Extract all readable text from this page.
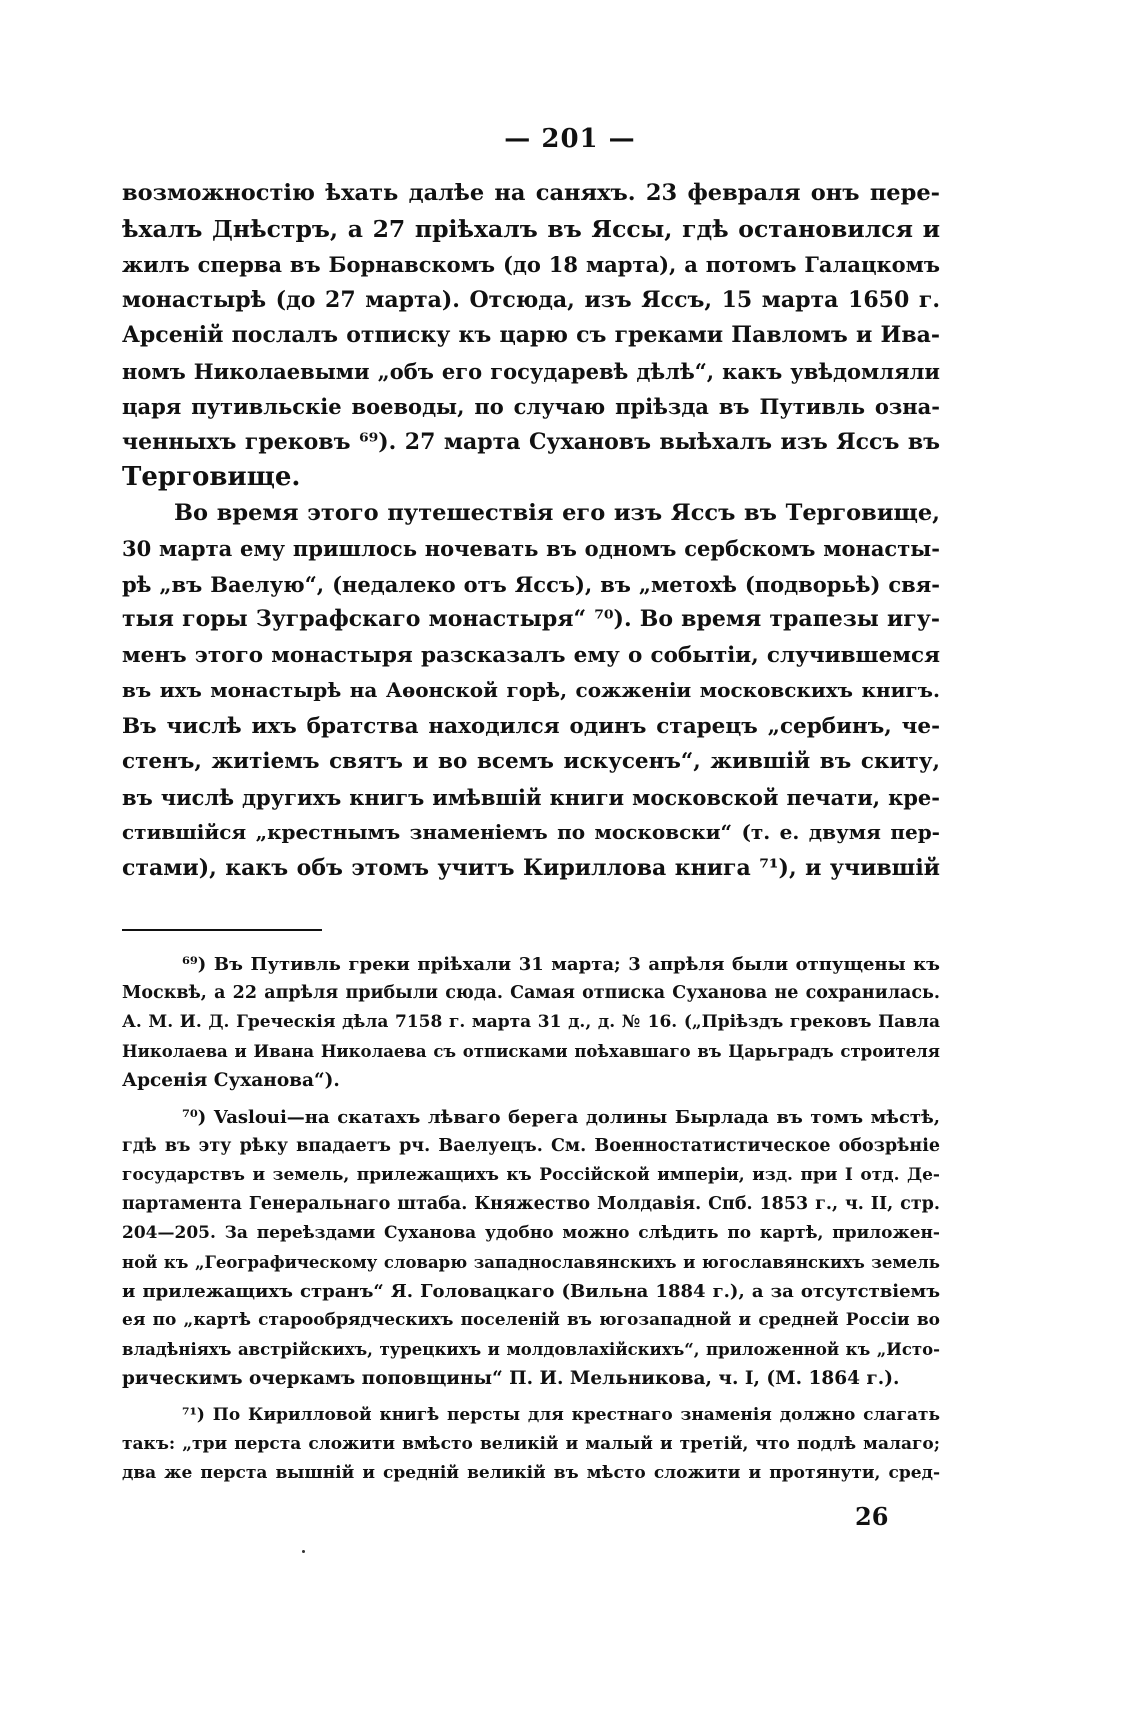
— 201 —
возможностію ѣхать далѣе на саняхъ. 23 февраля онъ пере-
ѣхалъ Днѣстръ, а 27 пріѣхалъ въ Яссы, гдѣ остановился и
жилъ сперва въ Борнавскомъ (до 18 марта), а потомъ Галацкомъ
монастырѣ (до 27 марта). Отсюда, изъ Яссъ, 15 марта 1650 г.
Арсеній послалъ отписку къ царю съ греками Павломъ и Ива-
номъ Николаевыми „объ его государевѣ дѣлѣ“, какъ увѣдомляли
царя путивльскіе воеводы, по случаю пріѣзда въ Путивль озна-
ченныхъ грековъ ⁶⁹). 27 марта Сухановъ выѣхалъ изъ Яссъ въ
Терговище.
Во время этого путешествія его изъ Яссъ въ Терговище,
30 марта ему пришлось ночевать въ одномъ сербскомъ монасты-
рѣ „въ Ваелую“, (недалеко отъ Яссъ), въ „метохѣ (подворьѣ) свя-
тыя горы Зуграфскаго монастыря“ ⁷⁰). Во время трапезы игу-
менъ этого монастыря разсказалъ ему о событіи, случившемся
въ ихъ монастырѣ на Аѳонской горѣ, сожженіи московскихъ книгъ.
Въ числѣ ихъ братства находился одинъ старецъ „сербинъ, че-
стенъ, житіемъ святъ и во всемъ искусенъ“, жившій въ скиту,
въ числѣ другихъ книгъ имѣвшій книги московской печати, кре-
стившійся „крестнымъ знаменіемъ по московски“ (т. е. двумя пер-
стами), какъ объ этомъ учитъ Кириллова книга ⁷¹), и учившій
⁶⁹) Въ Путивль греки пріѣхали 31 марта; 3 апрѣля были отпущены къ
Москвѣ, а 22 апрѣля прибыли сюда. Самая отписка Суханова не сохранилась.
А. М. И. Д. Греческія дѣла 7158 г. марта 31 д., д. № 16. („Пріѣздъ грековъ Павла
Николаева и Ивана Николаева съ отписками поѣхавшаго въ Царьградъ строителя
Арсенія Суханова“).
⁷⁰) Vasloui—на скатахъ лѣваго берега долины Бырлада въ томъ мѣстѣ,
гдѣ въ эту рѣку впадаетъ рч. Ваелуецъ. См. Военностатистическое обозрѣніе
государствъ и земель, прилежащихъ къ Россійской имперіи, изд. при I отд. Де-
партамента Генеральнаго штаба. Княжество Молдавія. Спб. 1853 г., ч. II, стр.
204—205. За переѣздами Суханова удобно можно слѣдить по картѣ, приложен-
ной къ „Географическому словарю западнославянскихъ и югославянскихъ земель
и прилежащихъ странъ“ Я. Головацкаго (Вильна 1884 г.), а за отсутствіемъ
ея по „картѣ старообрядческихъ поселеній въ югозападной и средней Россіи во
владѣніяхъ австрійскихъ, турецкихъ и молдовлахійскихъ“, приложенной къ „Исто-
рическимъ очеркамъ поповщины“ П. И. Мельникова, ч. I, (М. 1864 г.).
⁷¹) По Кирилловой книгѣ персты для крестнаго знаменія должно слагать
такъ: „три перста сложити вмѣсто великій и малый и третій, что подлѣ малаго;
два же перста вышній и средній великій въ мѣсто сложити и протянути, сред-
26
